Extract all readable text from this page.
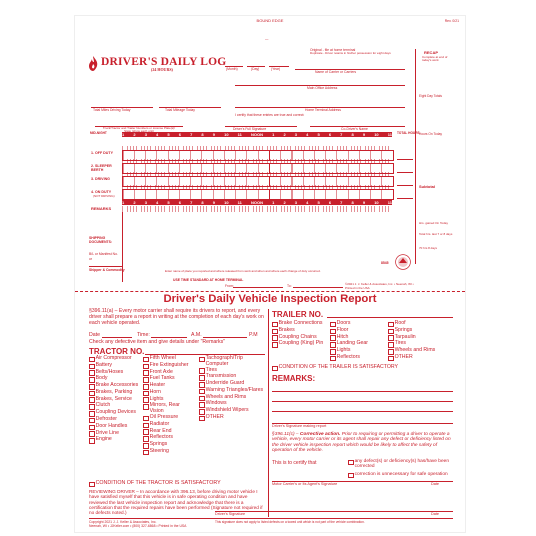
BOUND EDGE	Rev. 0/21
—
DRIVER'S DAILY LOG
(24 HOURS)	(Month)	(Day)	(Year)
Original - file at home terminal
Duplicate - Driver retains in his/her possession for eight days
Name of Carrier or Carriers
RECAP
Complete at end of today's work
Total Miles Driving Today	Total Mileage Today
Main Office Address
Home Terminal Address
I certify that these entries are true and correct:
Eight Day Totals
Truck/Tractor and Trailer Numbers or License Plate(s)/	Driver's Full Signature	Co-Driver's Name
Hours On Today
MID-NIGHT	1 2 3 4 5 6 7 8 9 10 11 NOON 1 2 3 4 5 6 7 8 9 10 11 TOTAL HOURS
1. OFF DUTY
2. SLEEPER BERTH
3. DRIVING
4. ON DUTY
(NOT DRIVING)
1 2 3 4 5 6 7 8 9 10 11 NOON 1 2 3 4 5 6 7 8 9 10 11
REMARKS
Subtotal
Hrs. gained On Today
Total hrs. last 7 or 8 days
70 hrs 8 days
SHIPPING DOCUMENTS:
B/L or Manifest No.
or
Shipper & Commodity	Enter name of place you reported and where released from work and when and where each change of duty occurred.
8545
USE TIME STANDARD AT HOME TERMINAL
From:	To:	©2021 J. J. Keller & Associates, Inc. • Neenah, WI • Printed in the USA
Driver's Daily Vehicle Inspection Report
§396.11(a) – Every motor carrier shall require its drivers to report, and every driver shall prepare a report in writing at the completion of each day's work on each vehicle operated.
Date	Time:	A.M.	P.M
Check any defective item and give details under "Remarks"
TRACTOR NO.
Air Compressor
Battery
Belts/Hoses
Body
Brake Accessories
Brakes, Parking
Brakes, Service
Clutch
Coupling Devices
Defroster
Door Handles
Drive Line
Engine
Fifth Wheel
Fire Extinguisher
Front Axle
Fuel Tanks
Heater
Horn
Lights
Mirrors, Rear Vision
Oil Pressure
Radiator
Rear End
Reflectors
Springs
Steering
Tachograph/Trip Computer
Tires
Transmission
Underride Guard
Warning Triangles/Flares
Wheels and Rims
Windows
Windshield Wipers
OTHER
TRAILER NO.
Brake Connections
Brakes
Coupling Chains
Coupling (King) Pin
Doors
Floor
Hitch
Landing Gear
Lights
Reflectors
Roof
Springs
Tarpaulin
Tires
Wheels and Rims
OTHER
CONDITION OF THE TRAILER IS SATISFACTORY
REMARKS:
Driver's Signature making report
§396.11(c) – Corrective action. Prior to requiring or permitting a driver to operate a vehicle, every motor carrier or its agent shall repair any defect or deficiency listed on the driver vehicle inspection report which would be likely to affect the safety of operation of the vehicle.
This is to certify that	any defect(s) or deficiency(s) has/have been corrected
correction is unnecessary for safe operation
CONDITION OF THE TRACTOR IS SATISFACTORY
REVIEWING DRIVER – In accordance with 396.13, before driving motor vehicle I have satisfied myself that this vehicle is in safe operating condition and have reviewed the last vehicle inspection report and acknowledge that there is a certification that the required repairs have been performed (Signature not required if no defects noted.)
Motor Carrier's or Its Agent's Signature	Date
Copyright 2021 J. J. Keller & Associates, Inc.
Neenah, WI • JJKeller.com • (800) 327-6868 • Printed in the USA
Driver's Signature	Date
This signature does not apply to listed defects on a towed unit which is not part of the vehicle combination.
